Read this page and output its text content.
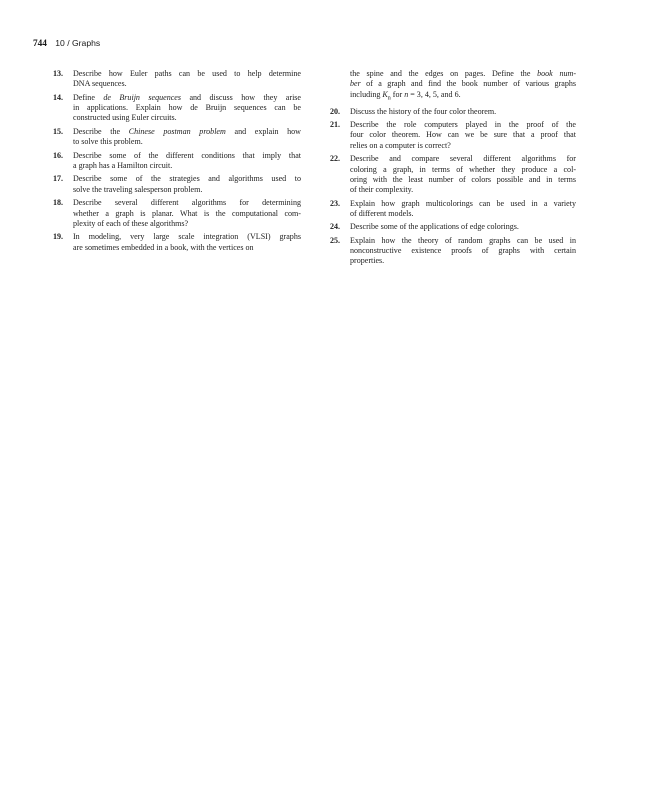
744 10 / Graphs
13. Describe how Euler paths can be used to help determine
DNA sequences.
14. Define de Bruijn sequences and discuss how they arise
in applications. Explain how de Bruijn sequences can be
constructed using Euler circuits.
15. Describe the Chinese postman problem and explain how
to solve this problem.
16. Describe some of the different conditions that imply that
a graph has a Hamilton circuit.
17. Describe some of the strategies and algorithms used to
solve the traveling salesperson problem.
18. Describe several different algorithms for determining
whether a graph is planar. What is the computational com-
plexity of each of these algorithms?
19. In modeling, very large scale integration (VLSI) graphs
are sometimes embedded in a book, with the vertices on
the spine and the edges on pages. Define the book num-
ber of a graph and find the book number of various graphs
including $K_n$ for n = 3, 4, 5, and 6.
20. Discuss the history of the four color theorem.
21. Describe the role computers played in the proof of the
four color theorem. How can we be sure that a proof that
relies on a computer is correct?
22. Describe and compare several different algorithms for
coloring a graph, in terms of whether they produce a col-
oring with the least number of colors possible and in terms
of their complexity.
23. Explain how graph multicolorings can be used in a variety
of different models.
24. Describe some of the applications of edge colorings.
25. Explain how the theory of random graphs can be used in
nonconstructive existence proofs of graphs with certain
properties.
